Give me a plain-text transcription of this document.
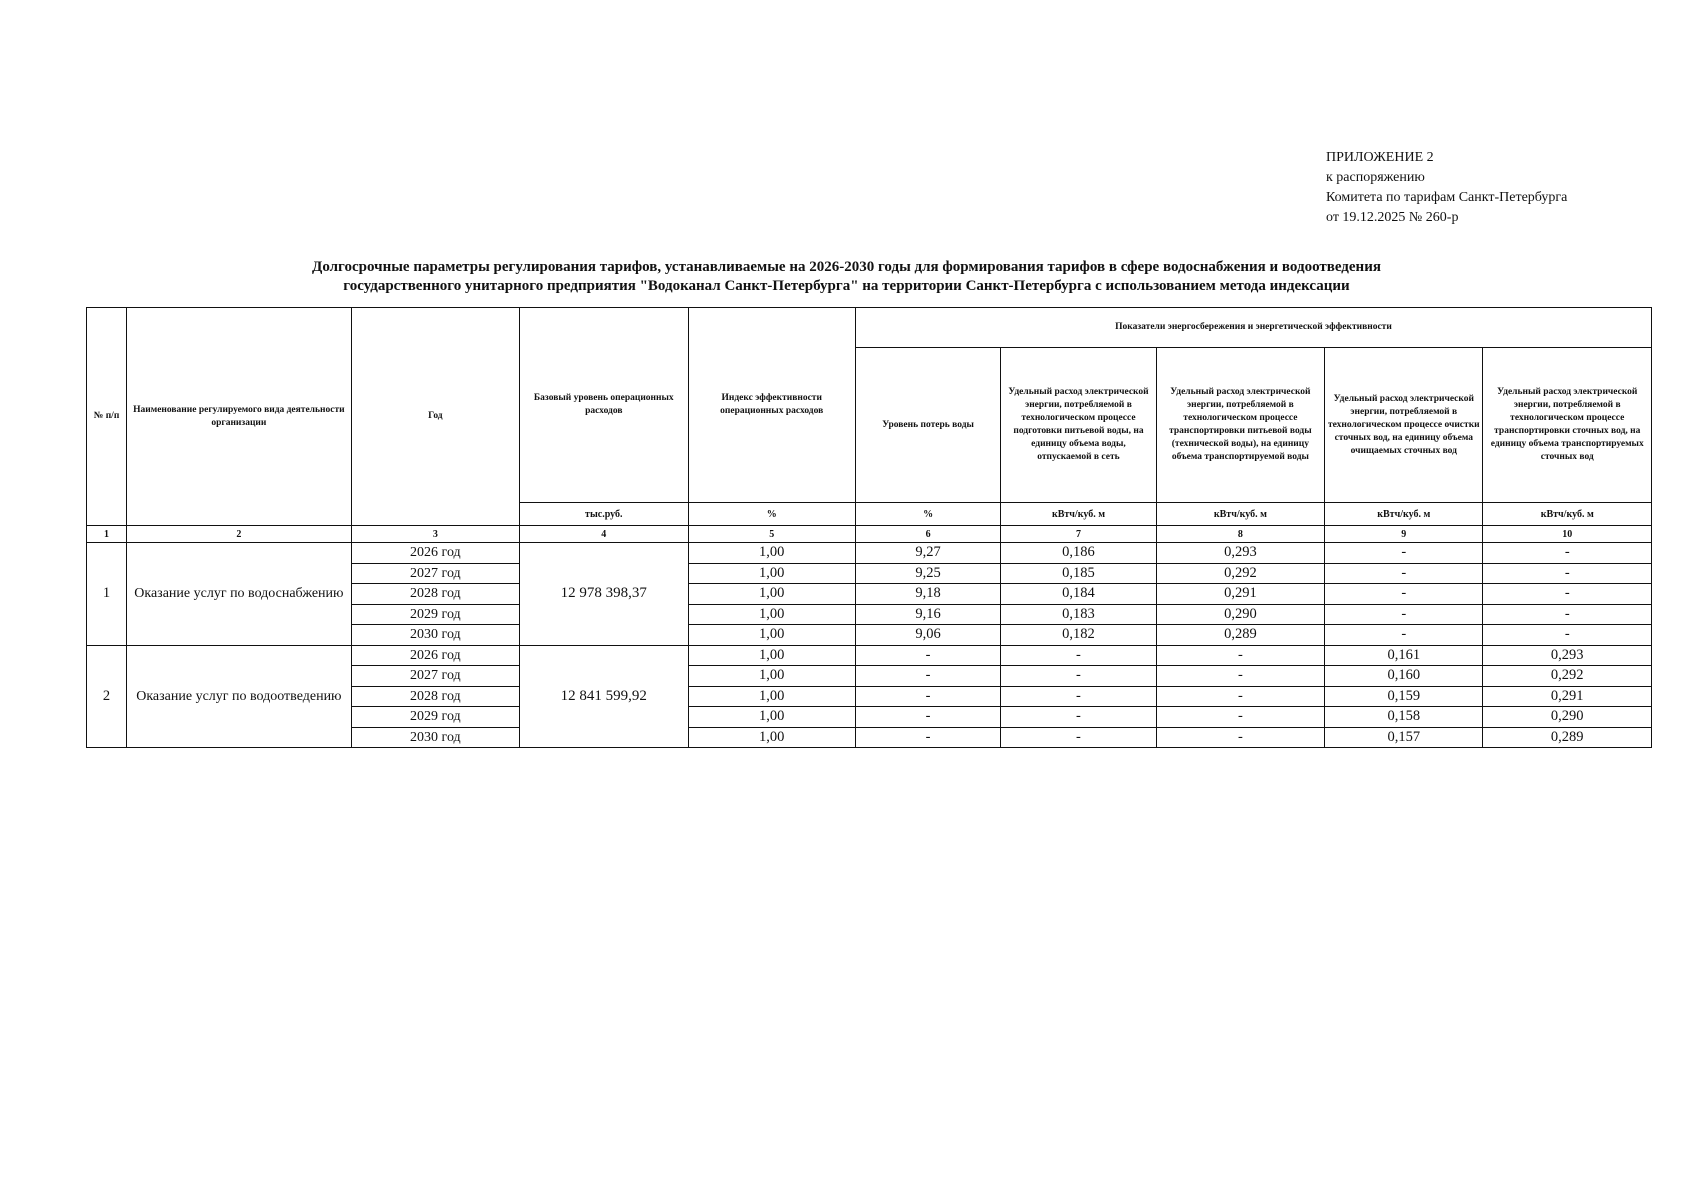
ПРИЛОЖЕНИЕ 2
к распоряжению
Комитета по тарифам Санкт-Петербурга
от 19.12.2025 № 260-р
Долгосрочные параметры регулирования тарифов, устанавливаемые на 2026-2030 годы для формирования тарифов в сфере водоснабжения и водоотведения
государственного унитарного предприятия "Водоканал Санкт-Петербурга" на территории Санкт-Петербурга с использованием метода индексации
№ п/п	Наименование регулируемого вида деятельности организации	Год	Базовый уровень операционных расходов	Индекс эффективности операционных расходов	Показатели энергосбережения и энергетической эффективности				
					Уровень потерь воды	Удельный расход электрической энергии, потребляемой в технологическом процессе подготовки питьевой воды, на единицу объема воды, отпускаемой в сеть	Удельный расход электрической энергии, потребляемой в технологическом процессе транспортировки питьевой воды (технической воды), на единицу объема транспортируемой воды	Удельный расход электрической энергии, потребляемой в технологическом процессе очистки сточных вод, на единицу объема очищаемых сточных вод	Удельный расход электрической энергии, потребляемой в технологическом процессе транспортировки сточных вод, на единицу объема транспортируемых сточных вод
			тыс.руб.	%	%	кВтч/куб. м	кВтч/куб. м	кВтч/куб. м	кВтч/куб. м
1	2	3	4	5	6	7	8	9	10
1	Оказание услуг по водоснабжению	2026 год	12 978 398,37	1,00	9,27	0,186	0,293	-	-
		2027 год		1,00	9,25	0,185	0,292	-	-
		2028 год		1,00	9,18	0,184	0,291	-	-
		2029 год		1,00	9,16	0,183	0,290	-	-
		2030 год		1,00	9,06	0,182	0,289	-	-
2	Оказание услуг по водоотведению	2026 год	12 841 599,92	1,00	-	-	-	0,161	0,293
		2027 год		1,00	-	-	-	0,160	0,292
		2028 год		1,00	-	-	-	0,159	0,291
		2029 год		1,00	-	-	-	0,158	0,290
		2030 год		1,00	-	-	-	0,157	0,289
